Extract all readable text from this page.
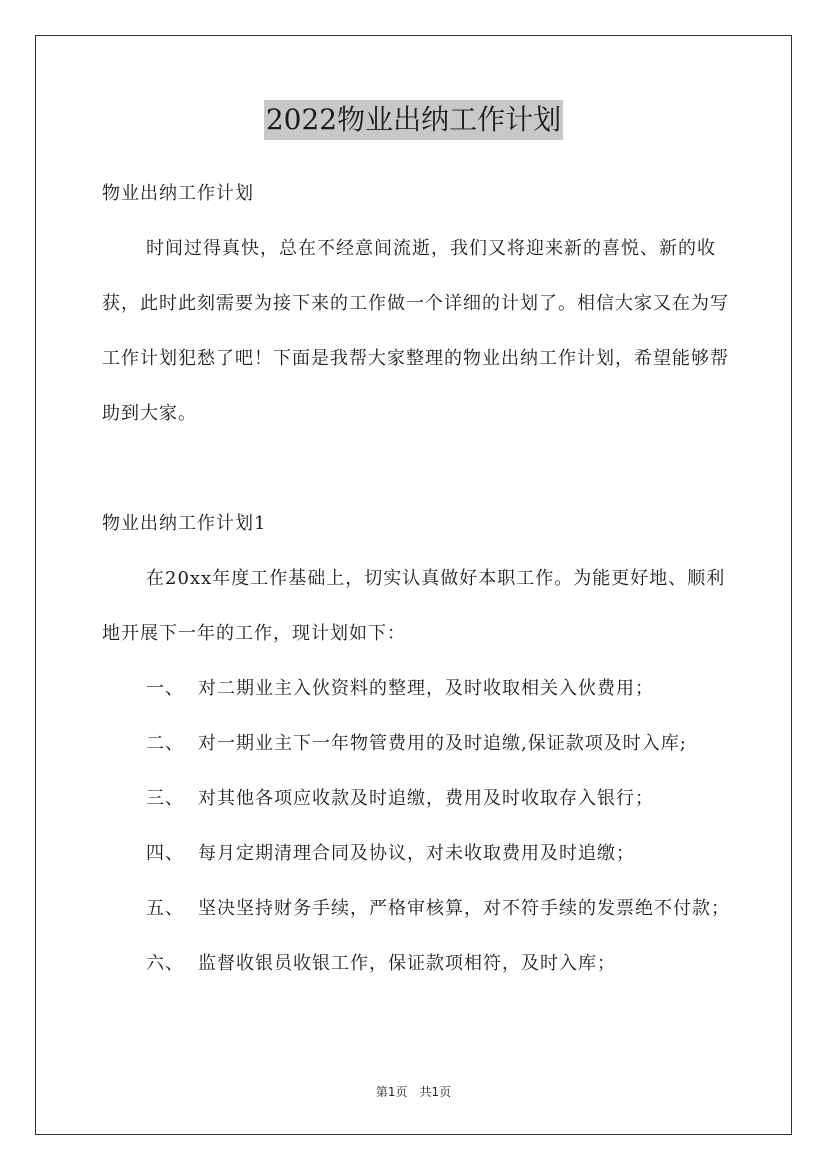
2022物业出纳工作计划

物业出纳工作计划

时间过得真快，总在不经意间流逝，我们又将迎来新的喜悦、新的收获，此时此刻需要为接下来的工作做一个详细的计划了。相信大家又在为写工作计划犯愁了吧！下面是我帮大家整理的物业出纳工作计划，希望能够帮助到大家。

物业出纳工作计划1

在20xx年度工作基础上，切实认真做好本职工作。为能更好地、顺利地开展下一年的工作，现计划如下：

一、 对二期业主入伙资料的整理，及时收取相关入伙费用；

二、 对一期业主下一年物管费用的及时追缴,保证款项及时入库;

三、 对其他各项应收款及时追缴，费用及时收取存入银行；

四、 每月定期清理合同及协议，对未收取费用及时追缴；

五、 坚决坚持财务手续，严格审核算，对不符手续的发票绝不付款；

六、 监督收银员收银工作，保证款项相符，及时入库；

第1页 共1页
